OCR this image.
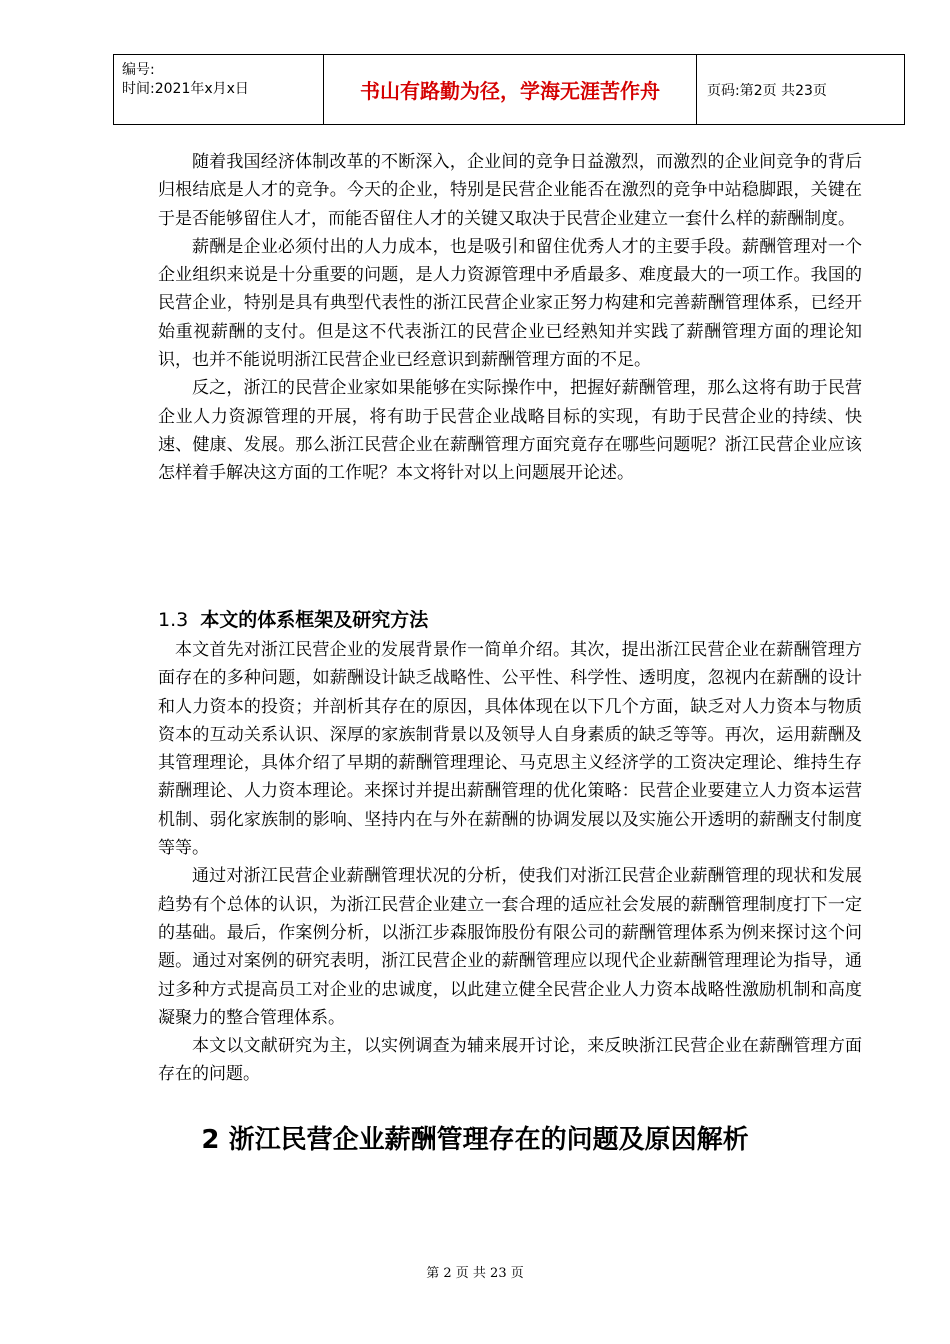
编号:
时间:2021年x月x日	书山有路勤为径，学海无涯苦作舟	页码:第2页 共23页

随着我国经济体制改革的不断深入，企业间的竞争日益激烈，而激烈的企业间竞争的背后归根结底是人才的竞争。今天的企业，特别是民营企业能否在激烈的竞争中站稳脚跟，关键在于是否能够留住人才，而能否留住人才的关键又取决于民营企业建立一套什么样的薪酬制度。

薪酬是企业必须付出的人力成本，也是吸引和留住优秀人才的主要手段。薪酬管理对一个企业组织来说是十分重要的问题，是人力资源管理中矛盾最多、难度最大的一项工作。我国的民营企业，特别是具有典型代表性的浙江民营企业家正努力构建和完善薪酬管理体系，已经开始重视薪酬的支付。但是这不代表浙江的民营企业已经熟知并实践了薪酬管理方面的理论知识，也并不能说明浙江民营企业已经意识到薪酬管理方面的不足。

反之，浙江的民营企业家如果能够在实际操作中，把握好薪酬管理，那么这将有助于民营企业人力资源管理的开展，将有助于民营企业战略目标的实现，有助于民营企业的持续、快速、健康、发展。那么浙江民营企业在薪酬管理方面究竟存在哪些问题呢？浙江民营企业应该怎样着手解决这方面的工作呢？本文将针对以上问题展开论述。

1.3 本文的体系框架及研究方法

本文首先对浙江民营企业的发展背景作一简单介绍。其次，提出浙江民营企业在薪酬管理方面存在的多种问题，如薪酬设计缺乏战略性、公平性、科学性、透明度，忽视内在薪酬的设计和人力资本的投资；并剖析其存在的原因，具体体现在以下几个方面，缺乏对人力资本与物质资本的互动关系认识、深厚的家族制背景以及领导人自身素质的缺乏等等。再次，运用薪酬及其管理理论，具体介绍了早期的薪酬管理理论、马克思主义经济学的工资决定理论、维持生存薪酬理论、人力资本理论。来探讨并提出薪酬管理的优化策略：民营企业要建立人力资本运营机制、弱化家族制的影响、坚持内在与外在薪酬的协调发展以及实施公开透明的薪酬支付制度等等。

通过对浙江民营企业薪酬管理状况的分析，使我们对浙江民营企业薪酬管理的现状和发展趋势有个总体的认识，为浙江民营企业建立一套合理的适应社会发展的薪酬管理制度打下一定的基础。最后，作案例分析，以浙江步森服饰股份有限公司的薪酬管理体系为例来探讨这个问题。通过对案例的研究表明，浙江民营企业的薪酬管理应以现代企业薪酬管理理论为指导，通过多种方式提高员工对企业的忠诚度，以此建立健全民营企业人力资本战略性激励机制和高度凝聚力的整合管理体系。

本文以文献研究为主，以实例调查为辅来展开讨论，来反映浙江民营企业在薪酬管理方面存在的问题。

2 浙江民营企业薪酬管理存在的问题及原因解析
第 2 页 共 23 页
